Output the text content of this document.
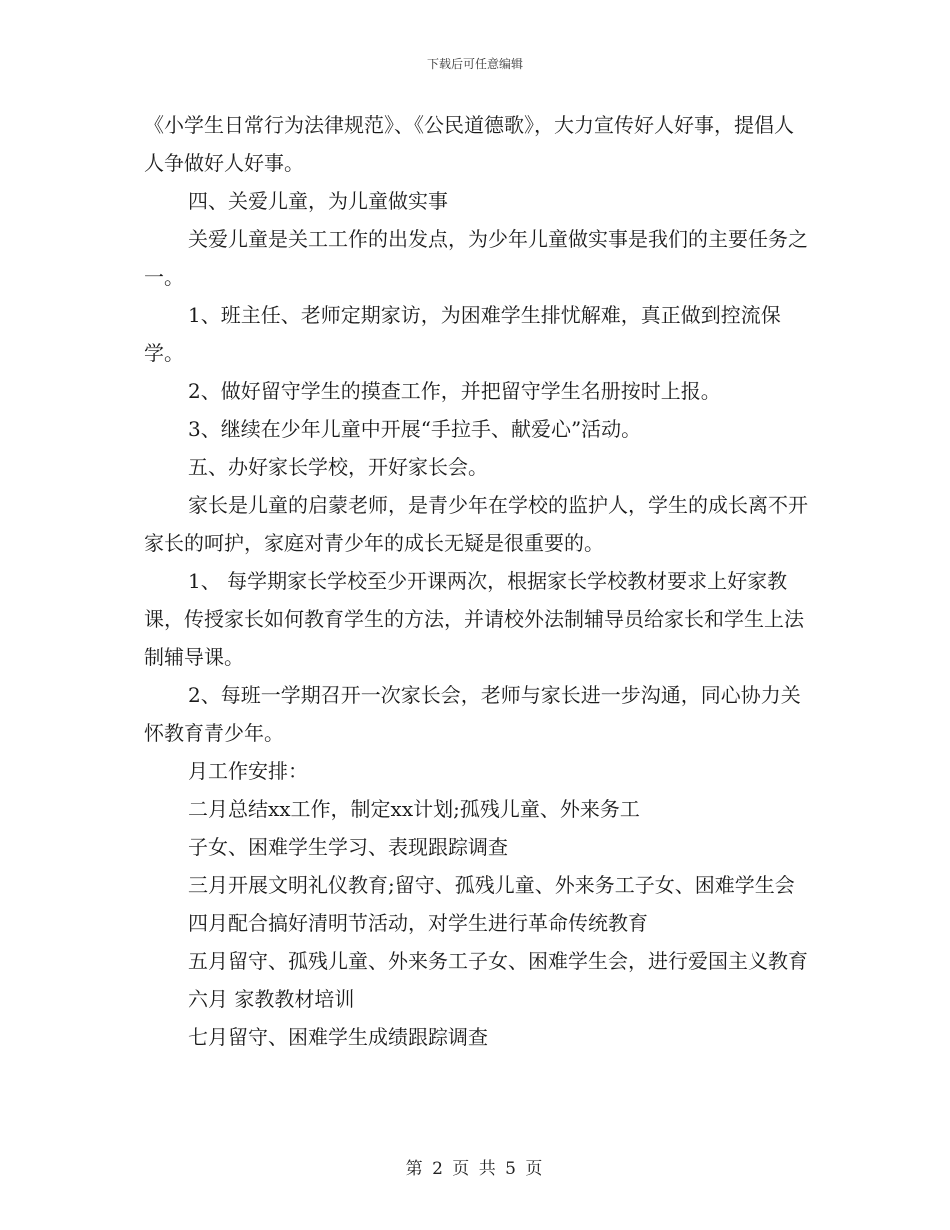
下载后可任意编辑

《小学生日常行为法律规范》、《公民道德歌》，大力宣传好人好事，提倡人人争做好人好事。

四、关爱儿童，为儿童做实事

关爱儿童是关工工作的出发点，为少年儿童做实事是我们的主要任务之一。

1、班主任、老师定期家访，为困难学生排忧解难，真正做到控流保学。

2、做好留守学生的摸查工作，并把留守学生名册按时上报。

3、继续在少年儿童中开展“手拉手、献爱心”活动。

五、办好家长学校，开好家长会。

家长是儿童的启蒙老师，是青少年在学校的监护人，学生的成长离不开家长的呵护，家庭对青少年的成长无疑是很重要的。

1、 每学期家长学校至少开课两次，根据家长学校教材要求上好家教课，传授家长如何教育学生的方法，并请校外法制辅导员给家长和学生上法制辅导课。

2、每班一学期召开一次家长会，老师与家长进一步沟通，同心协力关怀教育青少年。

月工作安排：

二月总结xx工作，制定xx计划;孤残儿童、外来务工

子女、困难学生学习、表现跟踪调查

三月开展文明礼仪教育;留守、孤残儿童、外来务工子女、困难学生会

四月配合搞好清明节活动，对学生进行革命传统教育

五月留守、孤残儿童、外来务工子女、困难学生会，进行爱国主义教育

六月 家教教材培训

七月留守、困难学生成绩跟踪调查

第 2 页 共 5 页
